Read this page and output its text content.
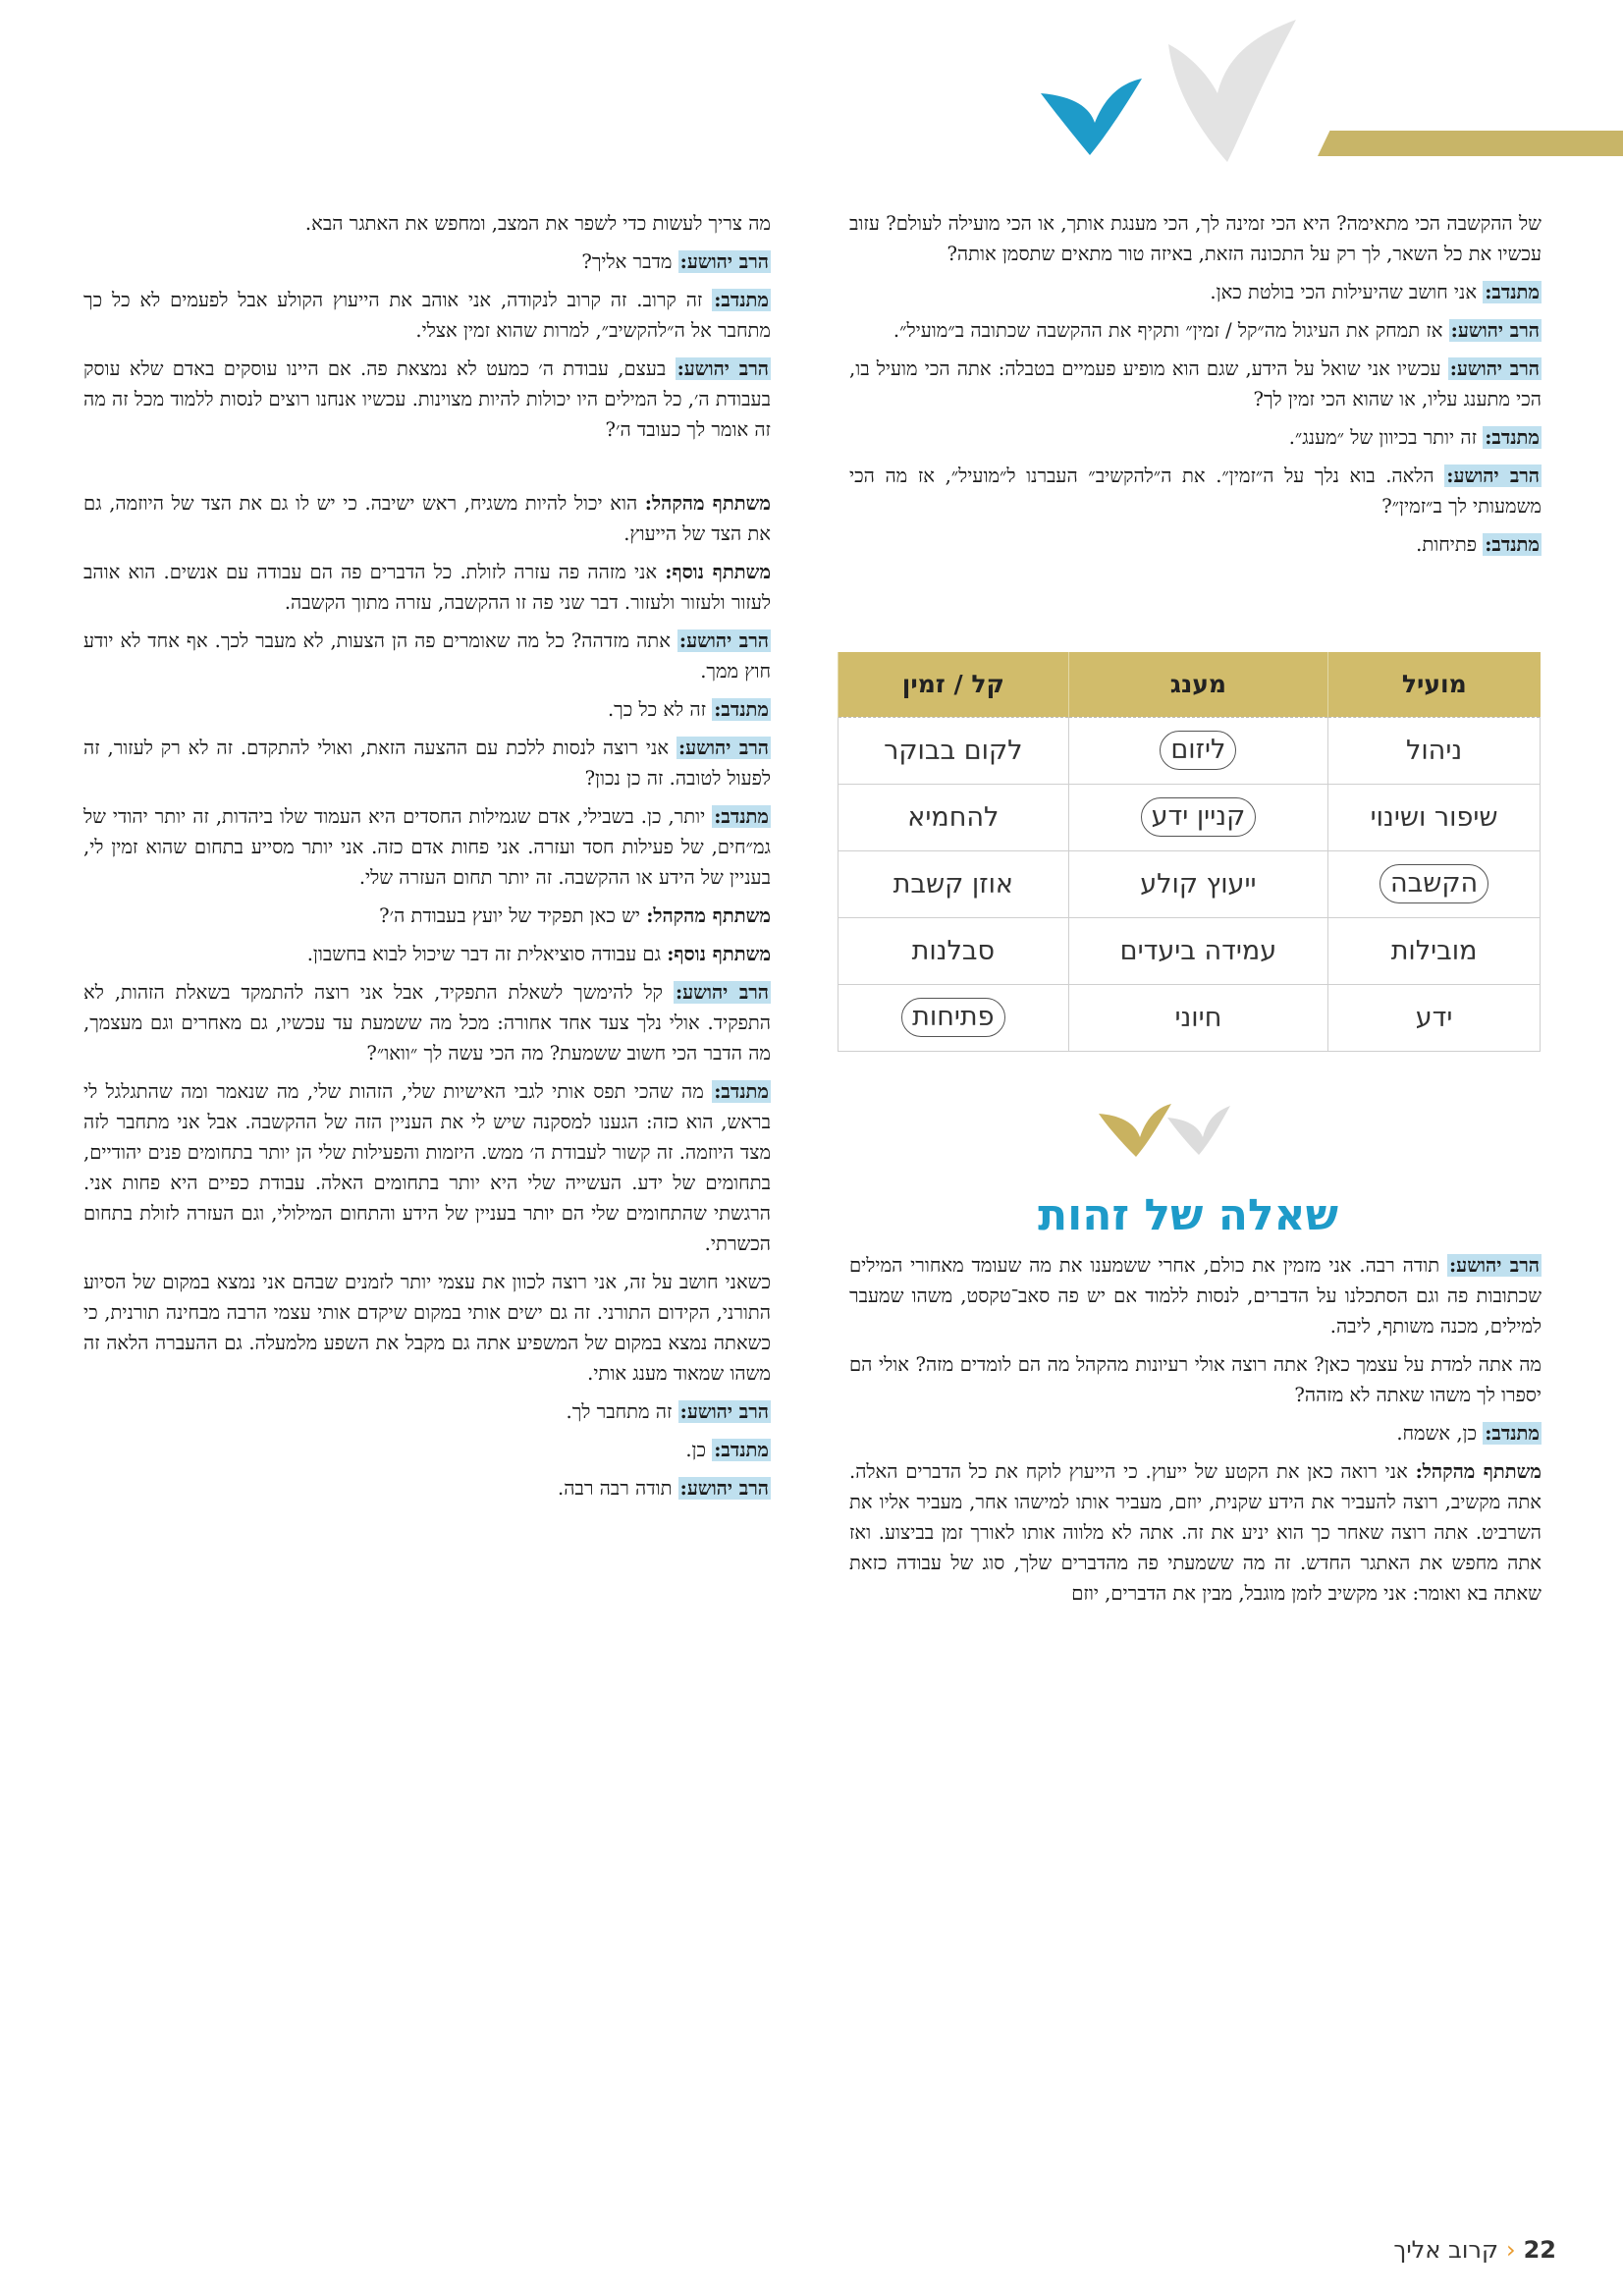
של ההקשבה הכי מתאימה? היא הכי זמינה לך, הכי מענגת אותך, או הכי מועילה לעולם? עזוב עכשיו את כל השאר, לך רק על התכונה הזאת, באיזה טור מתאים שתסמן אותה?

מתנדב: אני חושב שהיעילות הכי בולטת כאן.

הרב יהושע: אז תמחק את העיגול מה״קל / זמין״ ותקיף את ההקשבה שכתובה ב״מועיל״.

הרב יהושע: עכשיו אני שואל על הידע, שגם הוא מופיע פעמיים בטבלה: אתה הכי מועיל בו, הכי מתענג עליו, או שהוא הכי זמין לך?

מתנדב: זה יותר בכיוון של ״מענג״.

הרב יהושע: הלאה. בוא נלך על ה״זמין״. את ה״להקשיב״ העברנו ל״מועיל״, אז מה הכי משמעותי לך ב״זמין״?

מתנדב: פתיחות.

מועיל	מענג	קל / זמין
ניהול	ליזום	לקום בבוקר
שיפור ושינוי	קניין ידע	להחמיא
הקשבה	ייעוץ קולע	אוזן קשבת
מובילות	עמידה ביעדים	סבלנות
ידע	חיוני	פתיחות
שאלה של זהות

הרב יהושע: תודה רבה. אני מזמין את כולם, אחרי ששמענו את מה שעומד מאחורי המילים שכתובות פה וגם הסתכלנו על הדברים, לנסות ללמוד אם יש פה סאב־טקסט, משהו שמעבר למילים, מכנה משותף, ליבה.

מה אתה למדת על עצמך כאן? אתה רוצה אולי רעיונות מהקהל מה הם לומדים מזה? אולי הם יספרו לך משהו שאתה לא מזהה?

מתנדב: כן, אשמח.

משתתף מהקהל: אני רואה כאן את הקטע של ייעוץ. כי הייעוץ לוקח את כל הדברים האלה. אתה מקשיב, רוצה להעביר את הידע שקנית, יוזם, מעביר אותו למישהו אחר, מעביר אליו את השרביט. אתה רוצה שאחר כך הוא יניע את זה. אתה לא מלווה אותו לאורך זמן בביצוע. ואז אתה מחפש את האתגר החדש. זה מה ששמעתי פה מהדברים שלך, סוג של עבודה כזאת שאתה בא ואומר: אני מקשיב לזמן מוגבל, מבין את הדברים, יוזם

מה צריך לעשות כדי לשפר את המצב, ומחפש את האתגר הבא.

הרב יהושע: מדבר אליך?

מתנדב: זה קרוב. זה קרוב לנקודה, אני אוהב את הייעוץ הקולע אבל לפעמים לא כל כך מתחבר אל ה״להקשיב״, למרות שהוא זמין אצלי.

הרב יהושע: בעצם, עבודת ה׳ כמעט לא נמצאת פה. אם היינו עוסקים באדם שלא עוסק בעבודת ה׳, כל המילים היו יכולות להיות מצוינות. עכשיו אנחנו רוצים לנסות ללמוד מכל זה מה זה אומר לך כעובד ה׳?

משתתף מהקהל: הוא יכול להיות משגיח, ראש ישיבה. כי יש לו גם את הצד של היוזמה, גם את הצד של הייעוץ.

משתתף נוסף: אני מזהה פה עזרה לזולת. כל הדברים פה הם עבודה עם אנשים. הוא אוהב לעזור ולעזור ולעזור. דבר שני פה זו ההקשבה, עזרה מתוך הקשבה.

הרב יהושע: אתה מזדהה? כל מה שאומרים פה הן הצעות, לא מעבר לכך. אף אחד לא יודע חוץ ממך.

מתנדב: זה לא כל כך.

הרב יהושע: אני רוצה לנסות ללכת עם ההצעה הזאת, ואולי להתקדם. זה לא רק לעזור, זה לפעול לטובה. זה כן נכון?

מתנדב: יותר, כן. בשבילי, אדם שגמילות החסדים היא העמוד שלו ביהדות, זה יותר יהודי של גמ״חים, של פעילות חסד ועזרה. אני פחות אדם כזה. אני יותר מסייע בתחום שהוא זמין לי, בעניין של הידע או ההקשבה. זה יותר תחום העזרה שלי.

משתתף מהקהל: יש כאן תפקיד של יועץ בעבודת ה׳?

משתתף נוסף: גם עבודה סוציאלית זה דבר שיכול לבוא בחשבון.

הרב יהושע: קל להימשך לשאלת התפקיד, אבל אני רוצה להתמקד בשאלת הזהות, לא התפקיד. אולי נלך צעד אחד אחורה: מכל מה ששמעת עד עכשיו, גם מאחרים וגם מעצמך, מה הדבר הכי חשוב ששמעת? מה הכי עשה לך ״וואו״?

מתנדב: מה שהכי תפס אותי לגבי האישיות שלי, הזהות שלי, מה שנאמר ומה שהתגלגל לי בראש, הוא כזה: הגענו למסקנה שיש לי את העניין הזה של ההקשבה. אבל אני מתחבר לזה מצד היוזמה. זה קשור לעבודת ה׳ ממש. היזמות והפעילות שלי הן יותר בתחומים פנים יהודיים, בתחומים של ידע. העשייה שלי היא יותר בתחומים האלה. עבודת כפיים היא פחות אני. הרגשתי שהתחומים שלי הם יותר בעניין של הידע והתחום המילולי, וגם העזרה לזולת בתחום הכשרתי.

כשאני חושב על זה, אני רוצה לכוון את עצמי יותר לזמנים שבהם אני נמצא במקום של הסיוע התורני, הקידום התורני. זה גם ישים אותי במקום שיקדם אותי עצמי הרבה מבחינה תורנית, כי כשאתה נמצא במקום של המשפיע אתה גם מקבל את השפע מלמעלה. גם ההעברה הלאה זה משהו שמאוד מענג אותי.

הרב יהושע: זה מתחבר לך.

מתנדב: כן.

הרב יהושע: תודה רבה רבה.

22‹קרוב אליך
